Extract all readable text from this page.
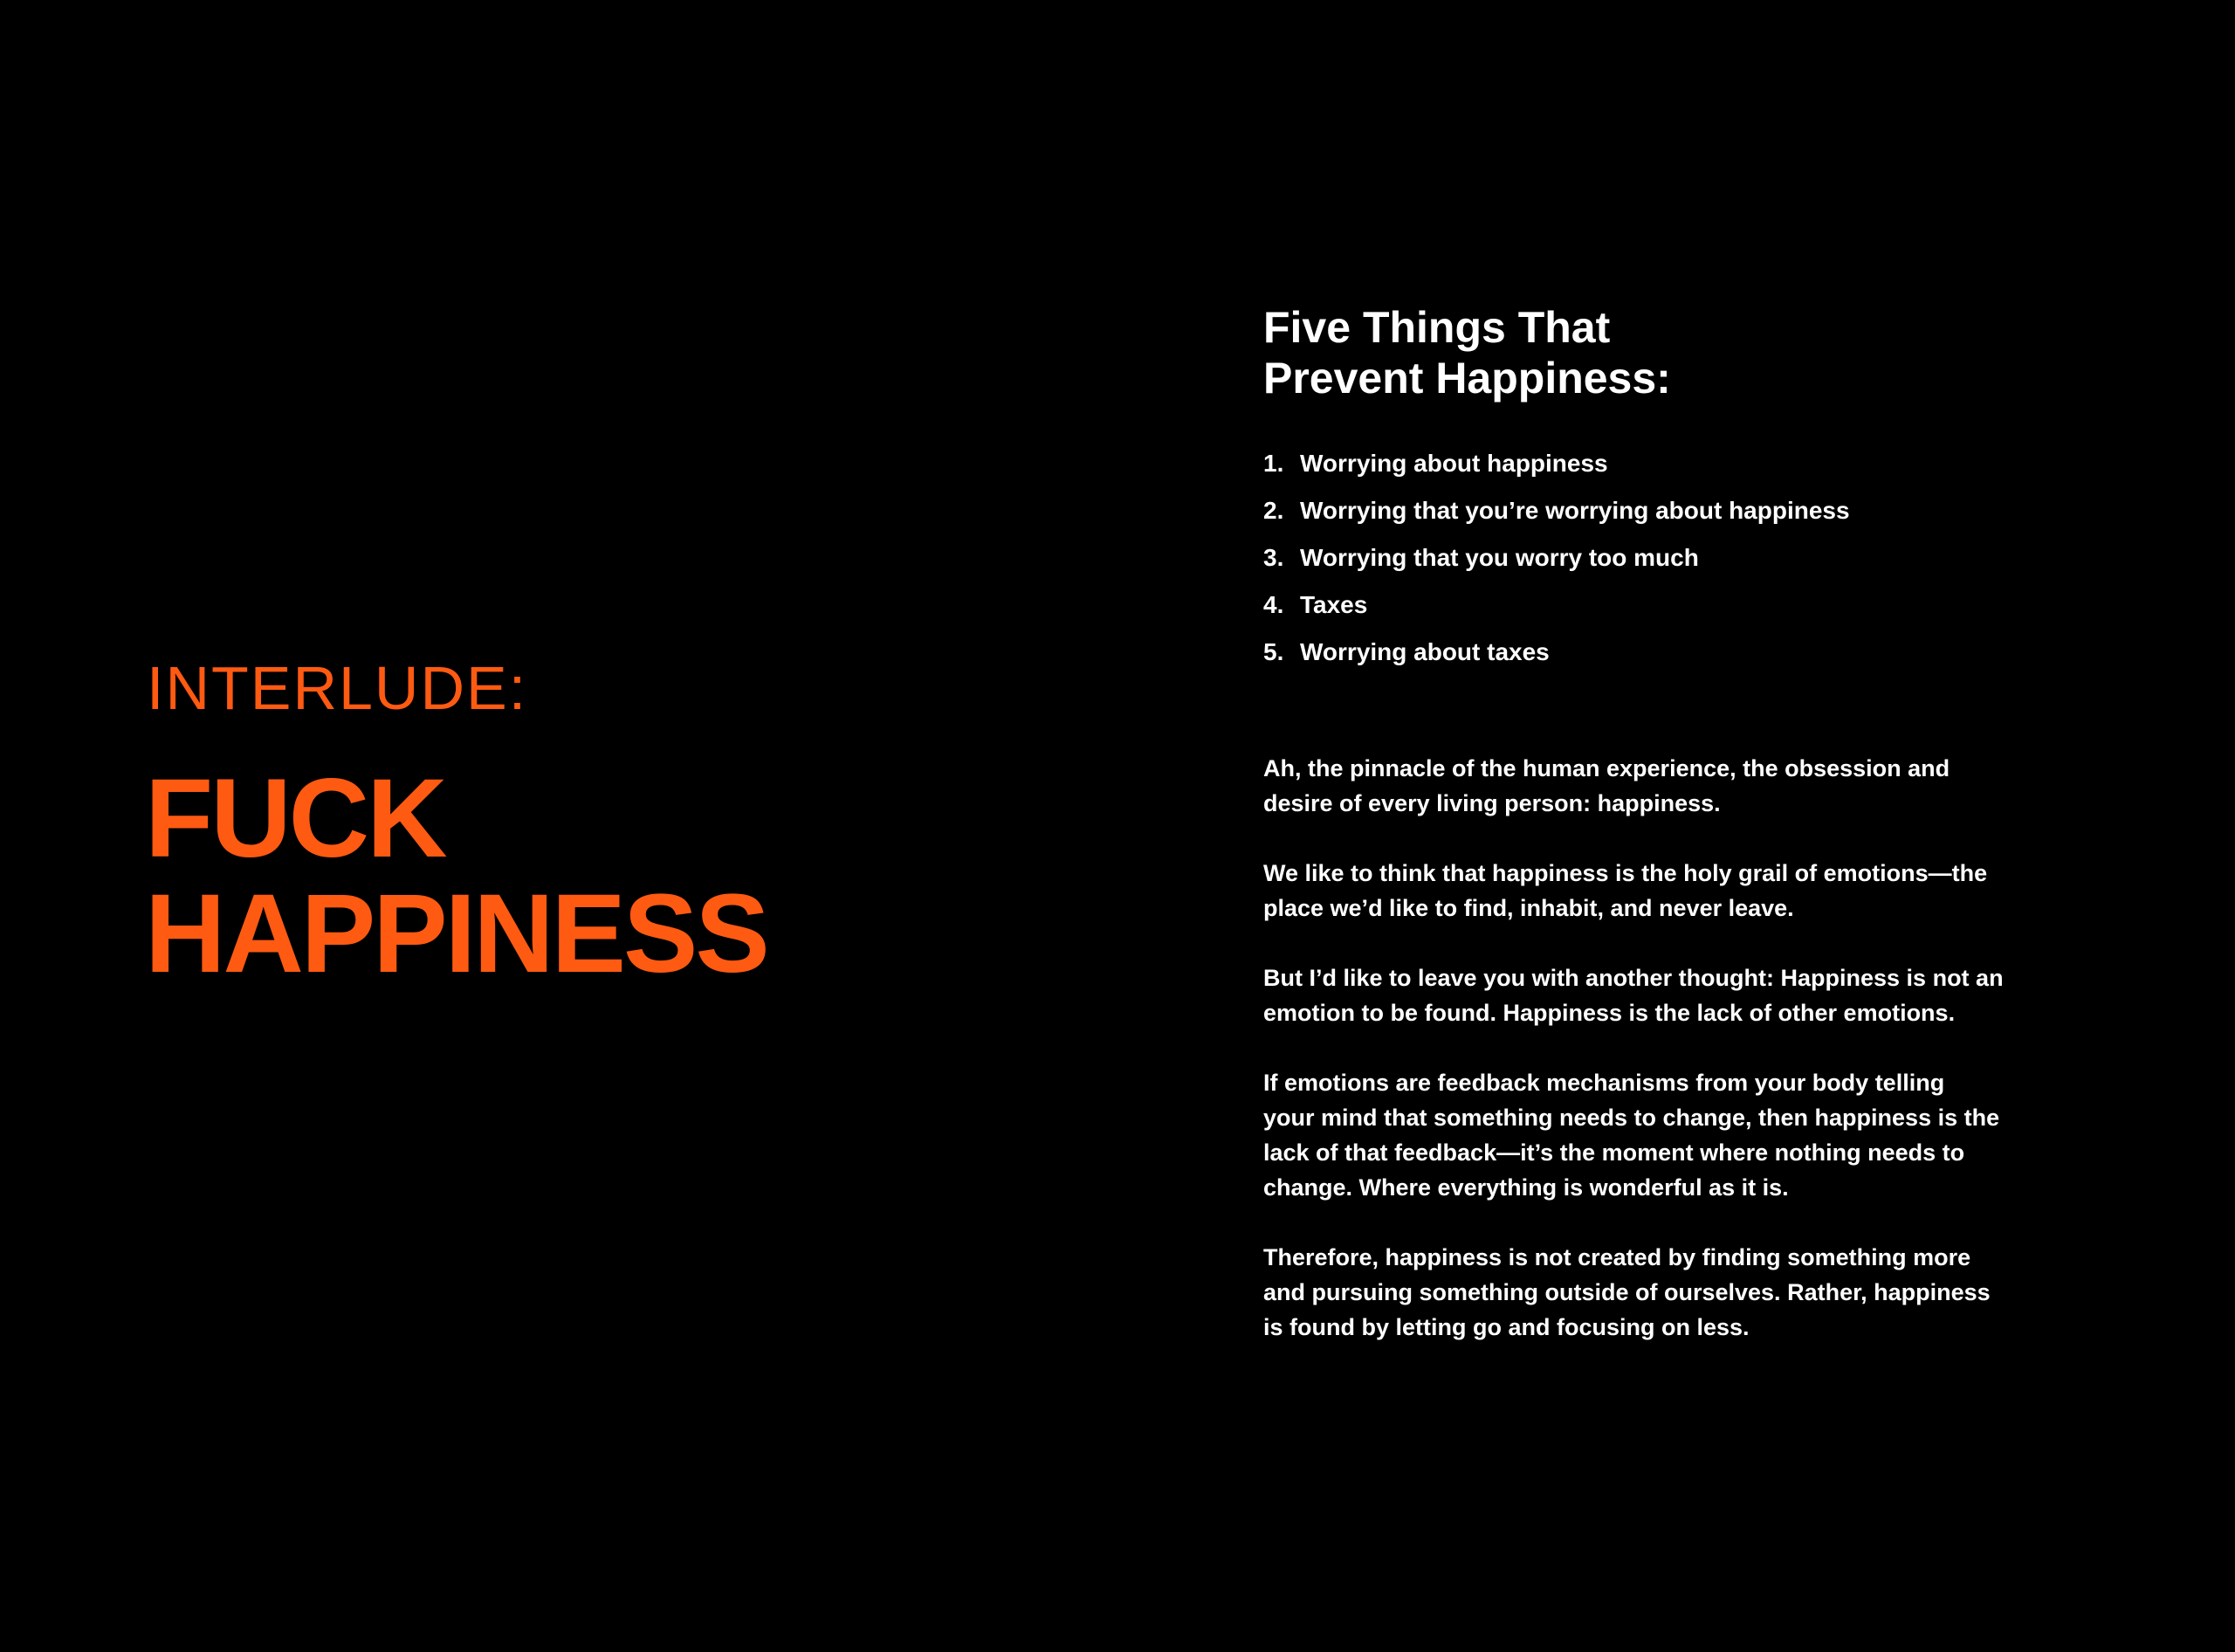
INTERLUDE:
FUCK
HAPPINESS
Five Things That
Prevent Happiness:
1. Worrying about happiness
2. Worrying that you’re worrying about happiness
3. Worrying that you worry too much
4. Taxes
5. Worrying about taxes

Ah, the pinnacle of the human experience, the obsession and
desire of every living person: happiness.

We like to think that happiness is the holy grail of emotions—the
place we’d like to find, inhabit, and never leave.

But I’d like to leave you with another thought: Happiness is not an
emotion to be found. Happiness is the lack of other emotions.

If emotions are feedback mechanisms from your body telling
your mind that something needs to change, then happiness is the
lack of that feedback—it’s the moment where nothing needs to
change. Where everything is wonderful as it is.

Therefore, happiness is not created by finding something more
and pursuing something outside of ourselves. Rather, happiness
is found by letting go and focusing on less.
